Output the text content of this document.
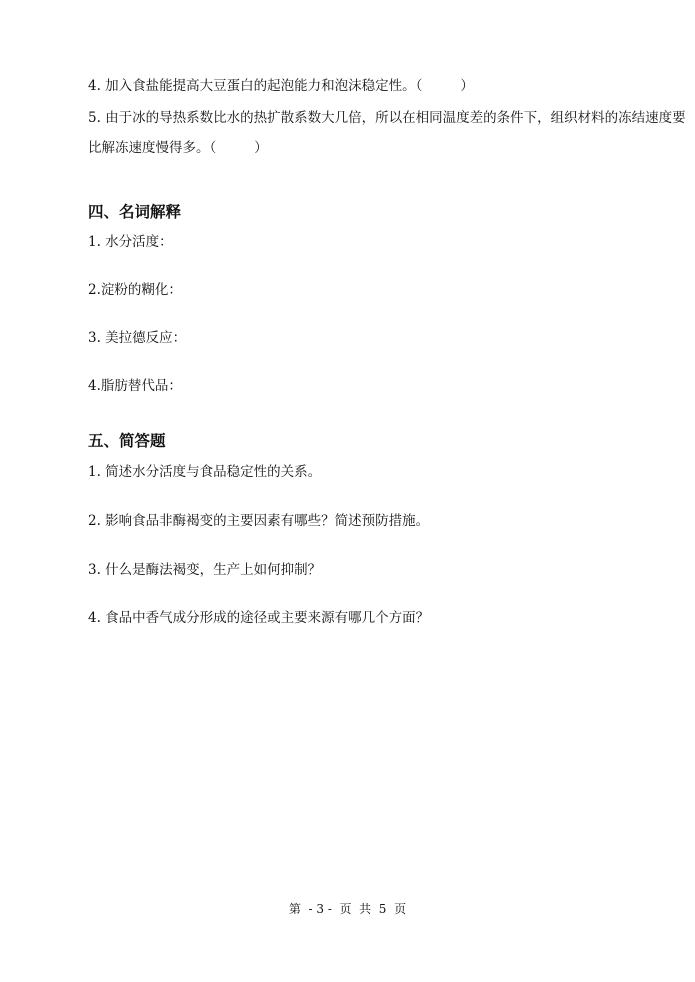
4. 加入食盐能提高大豆蛋白的起泡能力和泡沫稳定性。（	）
5. 由于冰的导热系数比水的热扩散系数大几倍，所以在相同温度差的条件下，组织材料的冻结速度要比解冻速度慢得多。（	）
四、名词解释
1. 水分活度：
2.淀粉的糊化：
3. 美拉德反应：
4.脂肪替代品：
五、简答题
1. 简述水分活度与食品稳定性的关系。
2. 影响食品非酶褐变的主要因素有哪些？简述预防措施。
3. 什么是酶法褐变，生产上如何抑制？
4. 食品中香气成分形成的途径或主要来源有哪几个方面？
第  - 3 -  页  共  5  页
